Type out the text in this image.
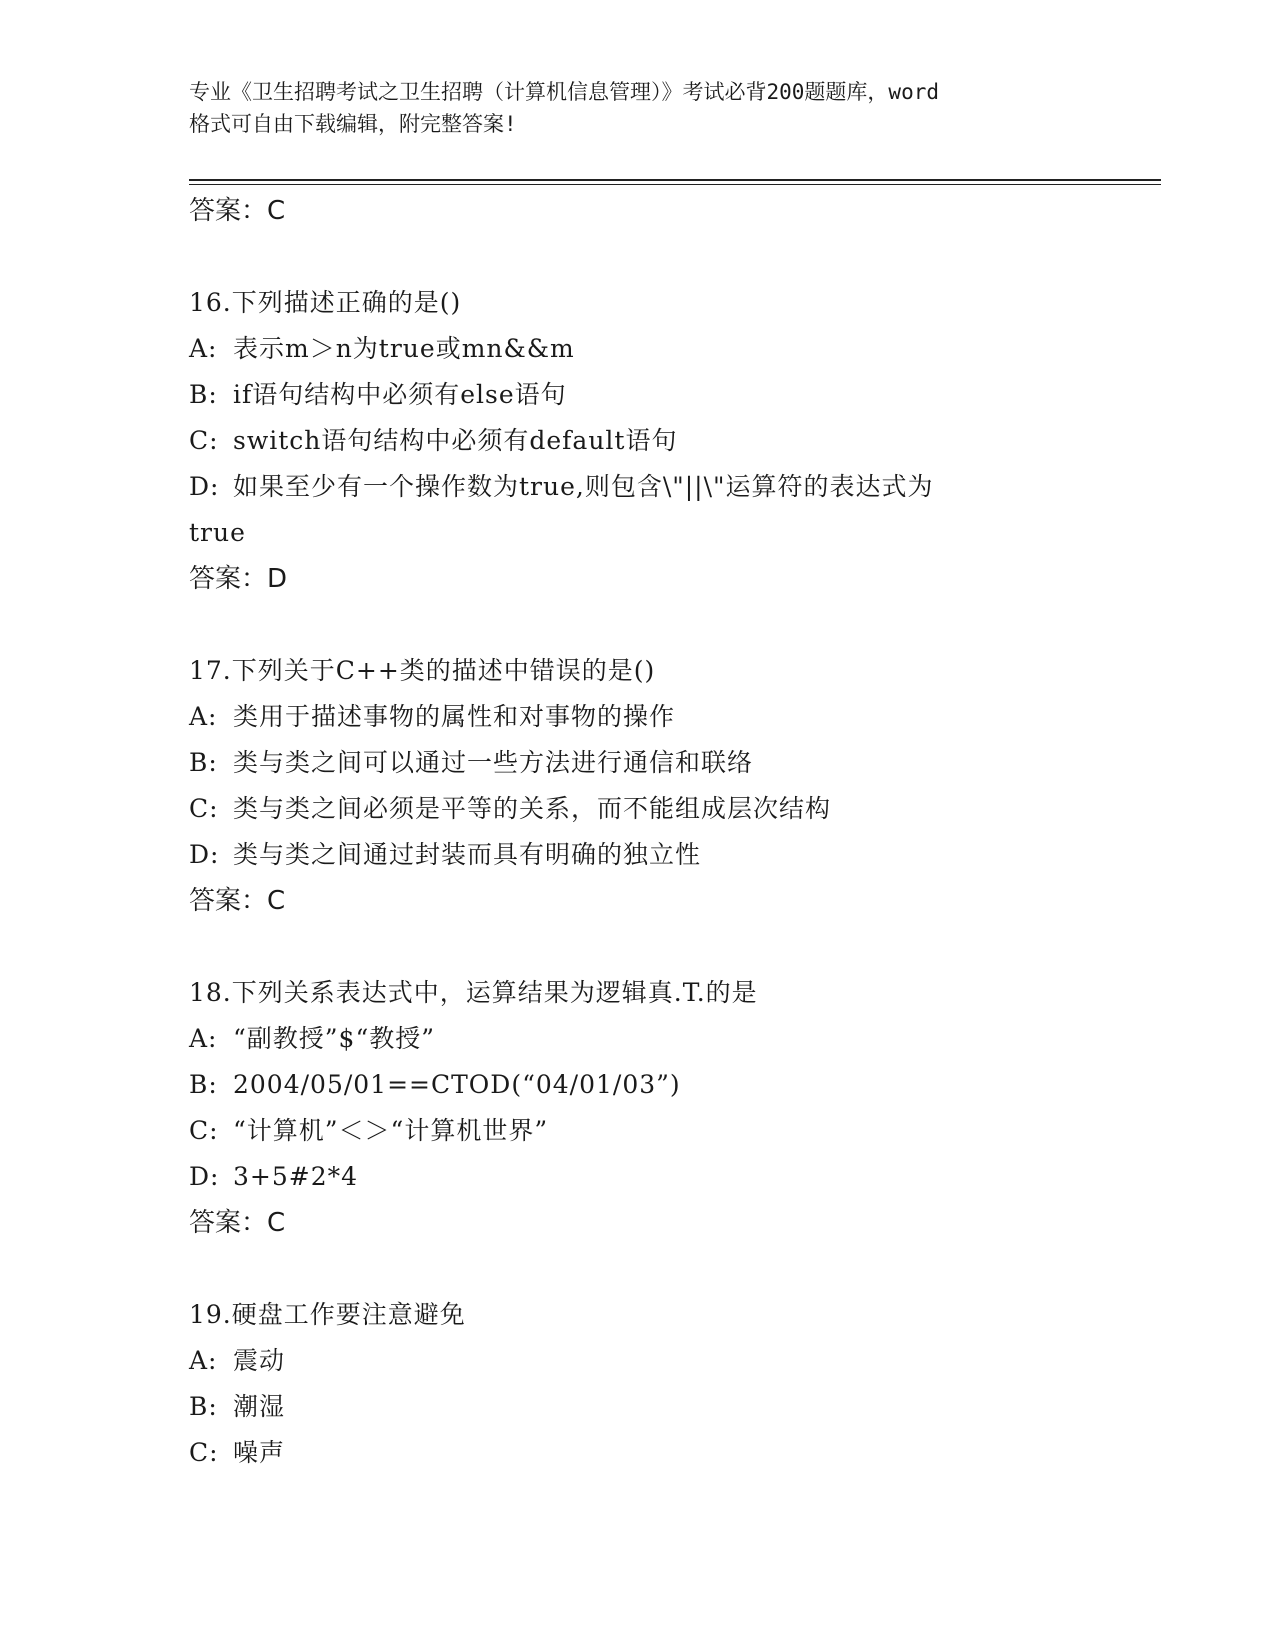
专业《卫生招聘考试之卫生招聘（计算机信息管理）》考试必背200题题库，word
格式可自由下载编辑，附完整答案!
答案：C
16.下列描述正确的是()
A: 表示m＞n为true或mn&&m
B: if语句结构中必须有else语句
C: switch语句结构中必须有default语句
D: 如果至少有一个操作数为true,则包含\"||\"运算符的表达式为
true
答案：D
17.下列关于C++类的描述中错误的是()
A: 类用于描述事物的属性和对事物的操作
B: 类与类之间可以通过一些方法进行通信和联络
C: 类与类之间必须是平等的关系，而不能组成层次结构
D: 类与类之间通过封装而具有明确的独立性
答案：C
18.下列关系表达式中，运算结果为逻辑真.T.的是
A: “副教授”$“教授”
B: 2004/05/01==CTOD(“04/01/03”)
C: “计算机”＜＞“计算机世界”
D: 3+5#2*4
答案：C
19.硬盘工作要注意避免
A: 震动
B: 潮湿
C: 噪声
